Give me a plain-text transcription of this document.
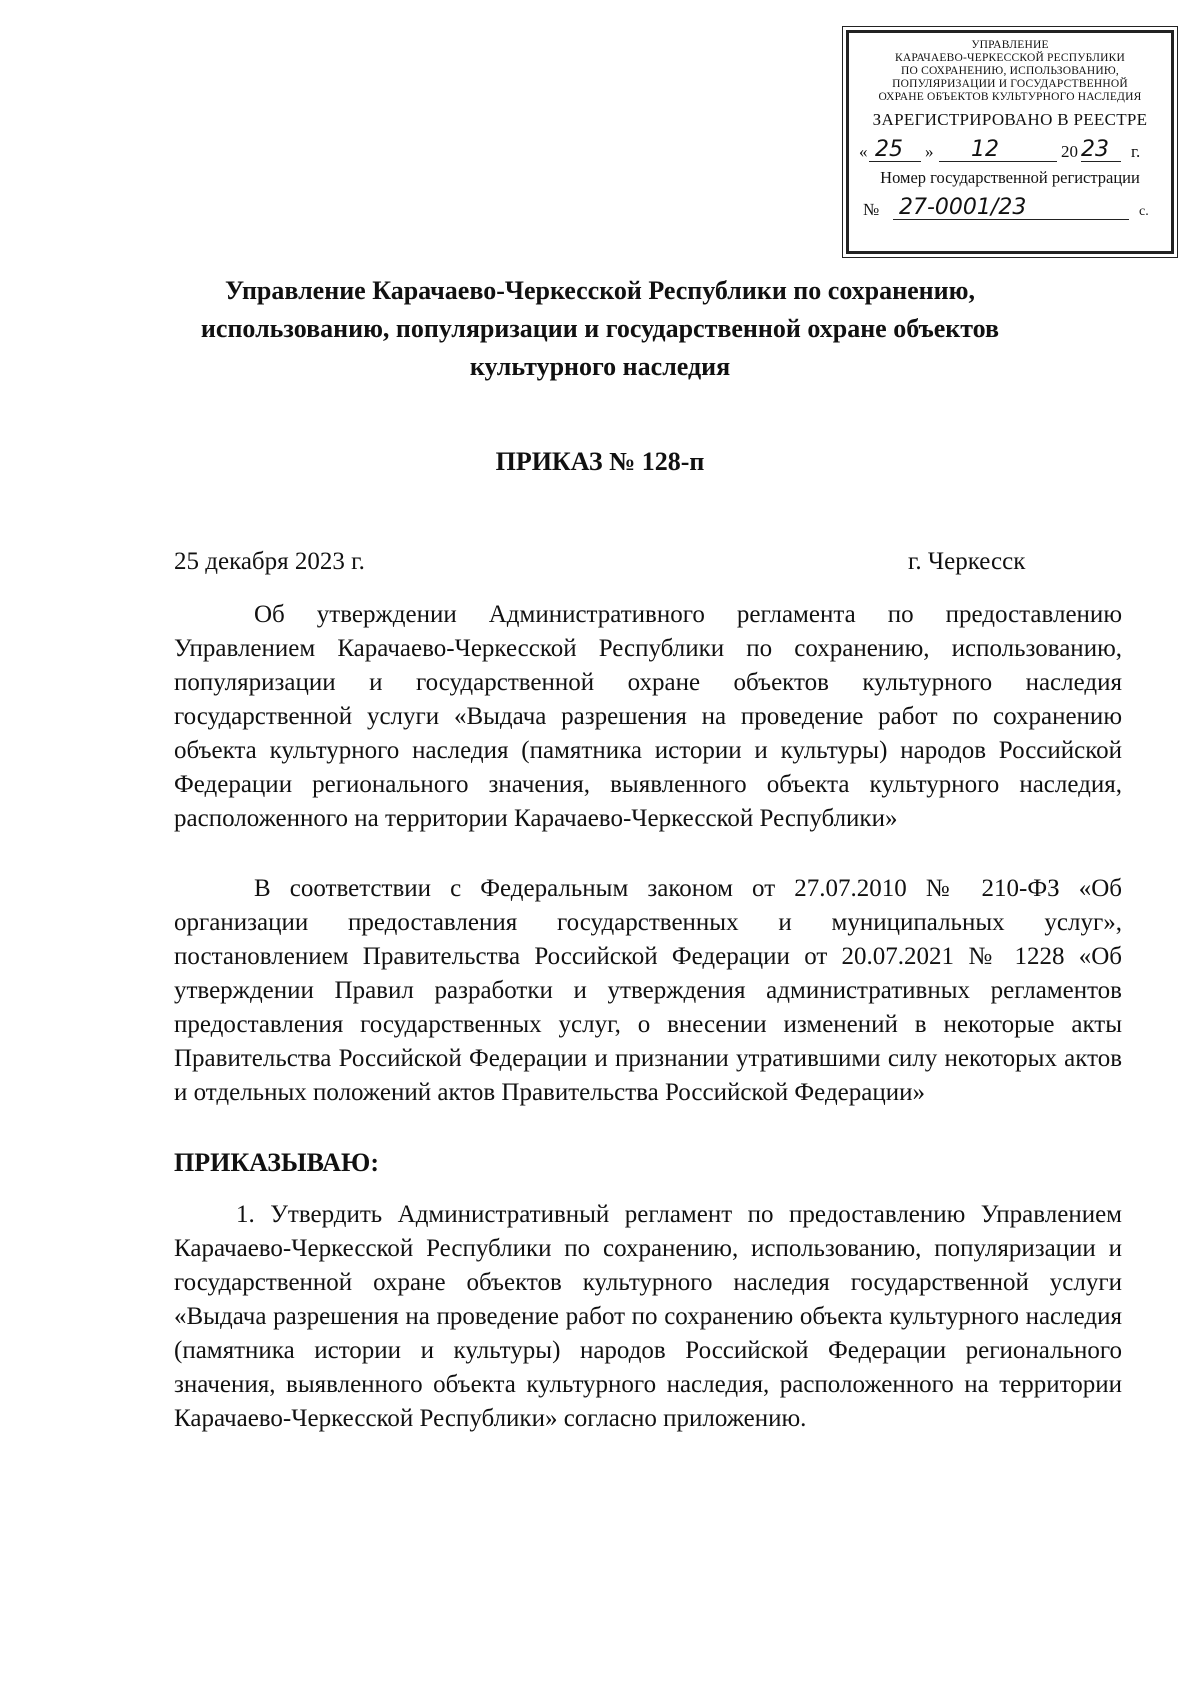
УПРАВЛЕНИЕ
КАРАЧАЕВО-ЧЕРКЕССКОЙ РЕСПУБЛИКИ
ПО СОХРАНЕНИЮ, ИСПОЛЬЗОВАНИЮ,
ПОПУЛЯРИЗАЦИИ И ГОСУДАРСТВЕННОЙ
ОХРАНЕ ОБЪЕКТОВ КУЛЬТУРНОГО НАСЛЕДИЯ
ЗАРЕГИСТРИРОВАНО В РЕЕСТРЕ
« 25 » 12	20 23 г.
Номер государственной регистрации
№ 27-0001/23	с.
Управление Карачаево-Черкесской Республики по сохранению, использованию, популяризации и государственной охране объектов культурного наследия
ПРИКАЗ № 128-п
25 декабря 2023 г.	г. Черкесск
Об утверждении Административного регламента по предоставлению Управлением Карачаево-Черкесской Республики по сохранению, использованию, популяризации и государственной охране объектов культурного наследия государственной услуги «Выдача разрешения на проведение работ по сохранению объекта культурного наследия (памятника истории и культуры) народов Российской Федерации регионального значения, выявленного объекта культурного наследия, расположенного на территории Карачаево-Черкесской Республики»
В соответствии с Федеральным законом от 27.07.2010 № 210-ФЗ «Об организации предоставления государственных и муниципальных услуг», постановлением Правительства Российской Федерации от 20.07.2021 № 1228 «Об утверждении Правил разработки и утверждения административных регламентов предоставления государственных услуг, о внесении изменений в некоторые акты Правительства Российской Федерации и признании утратившими силу некоторых актов и отдельных положений актов Правительства Российской Федерации»
ПРИКАЗЫВАЮ:
1. Утвердить Административный регламент по предоставлению Управлением Карачаево-Черкесской Республики по сохранению, использованию, популяризации и государственной охране объектов культурного наследия государственной услуги «Выдача разрешения на проведение работ по сохранению объекта культурного наследия (памятника истории и культуры) народов Российской Федерации регионального значения, выявленного объекта культурного наследия, расположенного на территории Карачаево-Черкесской Республики» согласно приложению.
